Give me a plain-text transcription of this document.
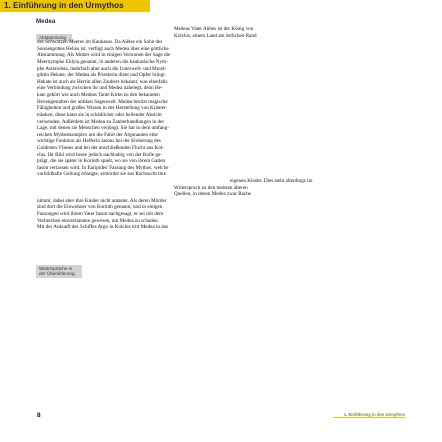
1. Einführung in den Urmythos
Medea
Abstammung
Widersprüche in der Überlieferung
Medeas Vater Aiëtes ist der König von
Kolchis, einem Land am östlichen Rand
des Schwarzen Meeres im Kaukasus. Da Aiëtes ein Sohn des
Sonnengottes Helios ist, verfügt auch Medea über eine göttliche
Abstammung. Als Mutter wird in einigen Versionen der Sage die
Meernymphe Eidyia genannt, in anderen die kaukasische Nym-
phe Asterodeia, mehrfach aber auch die Unterwelt- und Mond-
göttin Hekate, der Medea als Priesterin dient und Opfer bringt.
Hekate ist auch als Herrin allen Zaubers bekannt, was ebenfalls
eine Verbindung zwischen ihr und Medea nahelegt, denn He-
kate gehört wie auch Medeas Tante Kirke zu den bekannten
Hexengestalten der antiken Sagenwelt. Medea besitzt magische
Fähigkeiten und großes Wissen in der Herstellung von Kräuter-
tränken; diese kann sie in schädlicher oder heilender Absicht
verwenden. Außerdem ist Medea zu Zauberhandlungen in der
Lage, mit denen sie Menschen verjüngt. Sie hat in dem umfang-
reichen Mythenkomplex um die Fahrt der Argonauten eine
wichtige Funktion als Helferin Iasons bei der Eroberung des
Goldenen Vlieses und bei der anschließenden Flucht aus Kol-
chis. Ihr Bild wird heute jedoch nachhaltig von der Rolle ge-
prägt, die sie später in Korinth spielt, wo sie von ihrem Gatten
Iason verlassen wird. In Euripides' Fassung des Mythos, welche
vorbildhafte Geltung erlangte, ermordet sie aus Rachsucht ihre
eigenen Kinder. Dies steht allerdings im
Widerspruch zu den meisten älteren
Quellen, in denen Medea zwar Rache
nimmt, dabei aber ihre Kinder nicht antastet. Als deren Mörder
sind dort die Einwohner von Korinth genannt, und in einigen
Fassungen wird ihrem Vater Iason nachgesagt, er sei mit dem
Verbrechen einverstanden gewesen, um Medea zu schaden.
Mit der Ankunft des Schiffes Argo in Kolchis tritt Medea in das
8	1. Einführung in den Urmythos
